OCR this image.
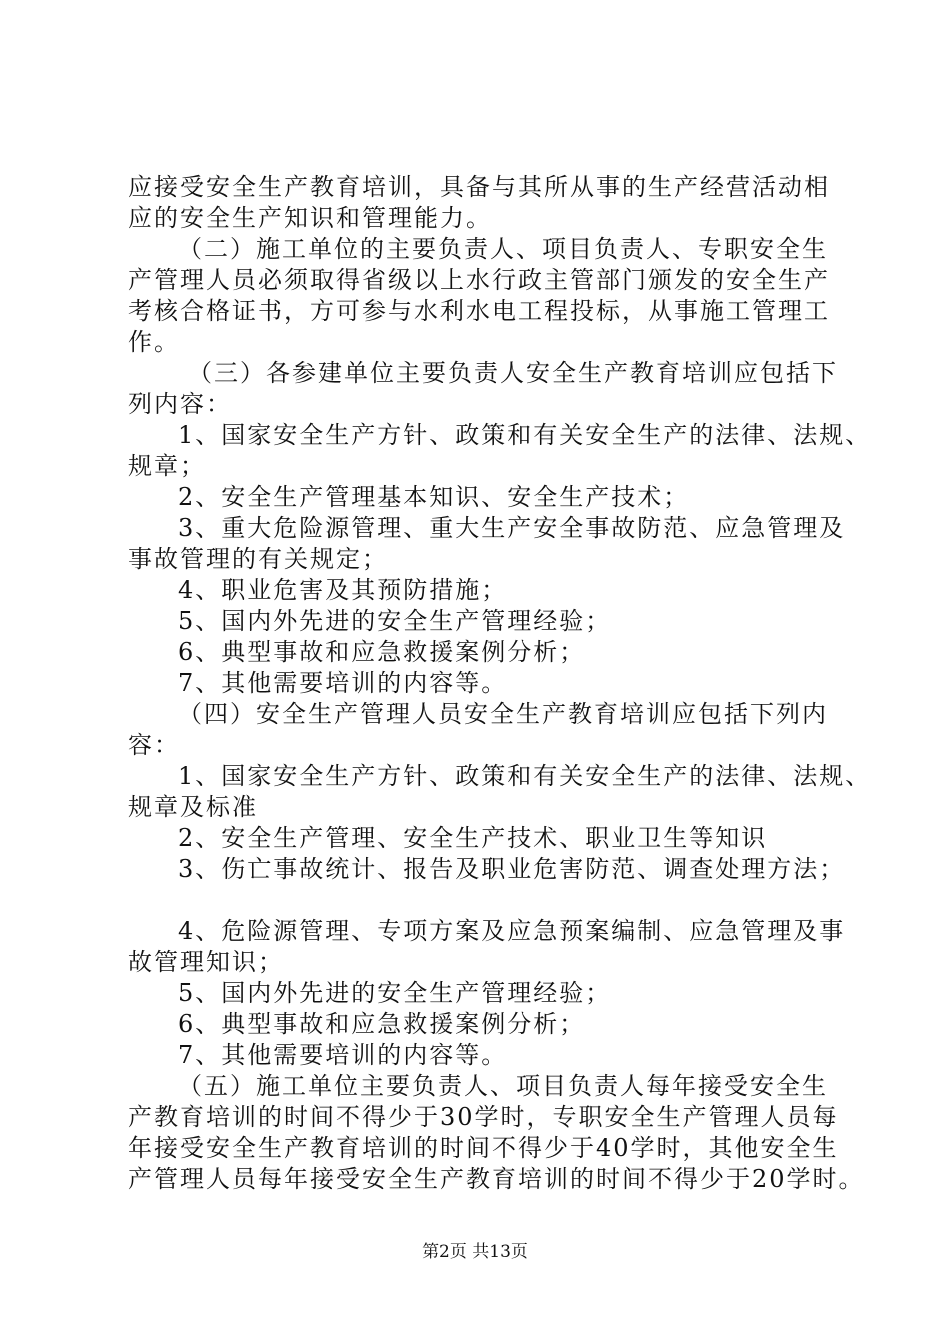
应接受安全生产教育培训，具备与其所从事的生产经营活动相
应的安全生产知识和管理能力。
（二）施工单位的主要负责人、项目负责人、专职安全生
产管理人员必须取得省级以上水行政主管部门颁发的安全生产
考核合格证书，方可参与水利水电工程投标，从事施工管理工
作。
（三）各参建单位主要负责人安全生产教育培训应包括下
列内容：
1、国家安全生产方针、政策和有关安全生产的法律、法规、
规章；
2、安全生产管理基本知识、安全生产技术；
3、重大危险源管理、重大生产安全事故防范、应急管理及
事故管理的有关规定；
4、职业危害及其预防措施；
5、国内外先进的安全生产管理经验；
6、典型事故和应急救援案例分析；
7、其他需要培训的内容等。
（四）安全生产管理人员安全生产教育培训应包括下列内
容：
1、国家安全生产方针、政策和有关安全生产的法律、法规、
规章及标准
2、安全生产管理、安全生产技术、职业卫生等知识
3、伤亡事故统计、报告及职业危害防范、调查处理方法；
4、危险源管理、专项方案及应急预案编制、应急管理及事
故管理知识；
5、国内外先进的安全生产管理经验；
6、典型事故和应急救援案例分析；
7、其他需要培训的内容等。
（五）施工单位主要负责人、项目负责人每年接受安全生
产教育培训的时间不得少于30学时，专职安全生产管理人员每
年接受安全生产教育培训的时间不得少于40学时，其他安全生
产管理人员每年接受安全生产教育培训的时间不得少于20学时。
第2页 共13页
